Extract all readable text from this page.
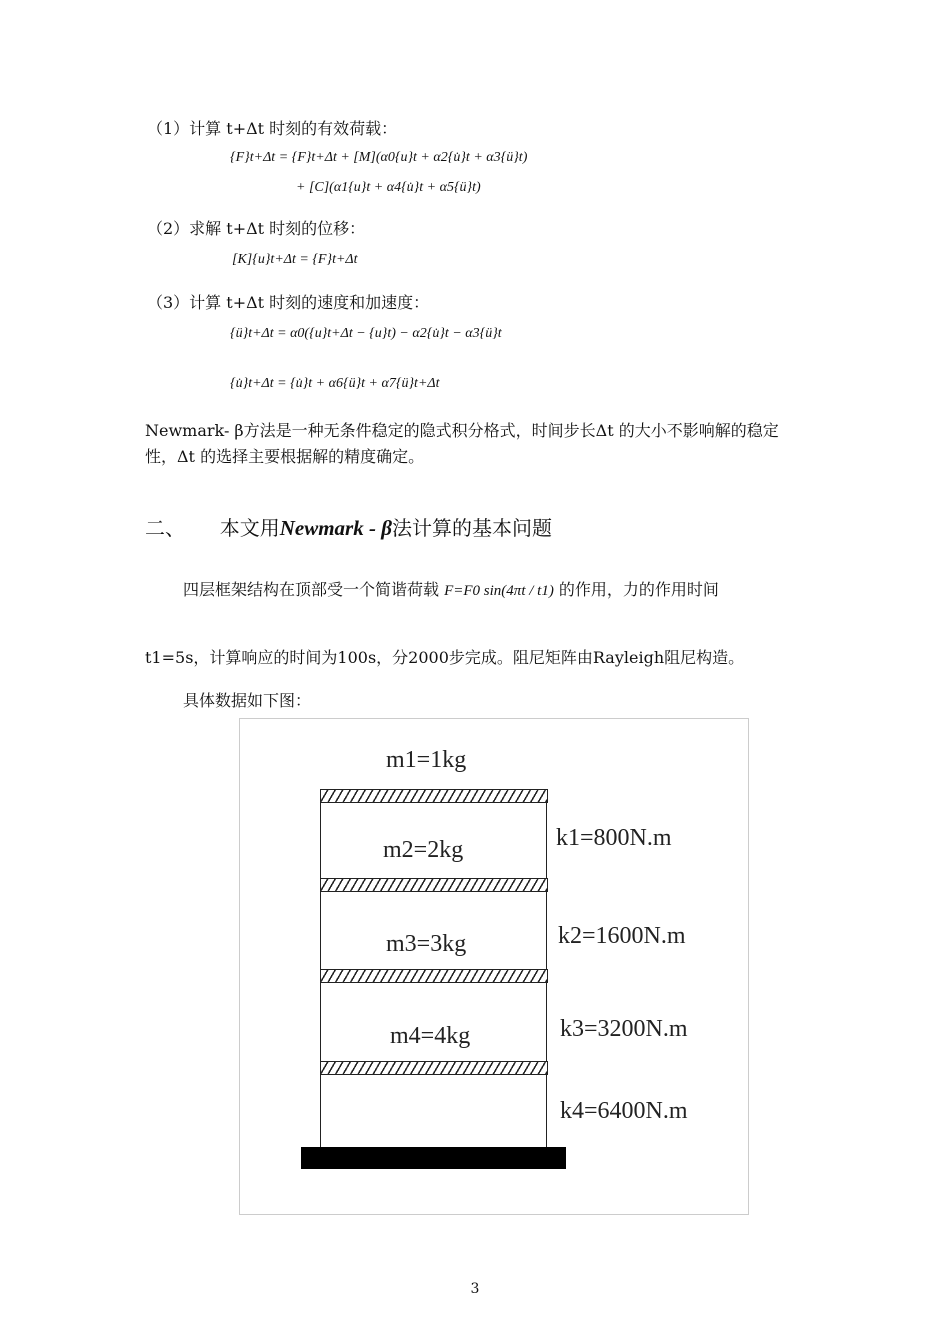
（1）计算 t+Δt 时刻的有效荷载：
{F}t+Δt = {F}t+Δt + [M](α0{u}t + α2{u̇}t + α3{ü}t)
+ [C](α1{u}t + α4{u̇}t + α5{ü}t)
（2）求解 t+Δt 时刻的位移：
[K]{u}t+Δt = {F}t+Δt
（3）计算 t+Δt 时刻的速度和加速度：
{ü}t+Δt = α0({u}t+Δt − {u}t) − α2{u̇}t − α3{ü}t
{u̇}t+Δt = {u̇}t + α6{ü}t + α7{ü}t+Δt
Newmark- β方法是一种无条件稳定的隐式积分格式，时间步长Δt 的大小不影响解的稳定性，Δt 的选择主要根据解的精度确定。
二、 本文用Newmark - β法计算的基本问题
四层框架结构在顶部受一个简谐荷载 F=F0 sin(4πt / t1) 的作用，力的作用时间
t1=5s，计算响应的时间为100s，分2000步完成。阻尼矩阵由Rayleigh阻尼构造。
具体数据如下图：
m1=1kg
m2=2kg
m3=3kg
m4=4kg
k1=800N.m
k2=1600N.m
k3=3200N.m
k4=6400N.m
3
